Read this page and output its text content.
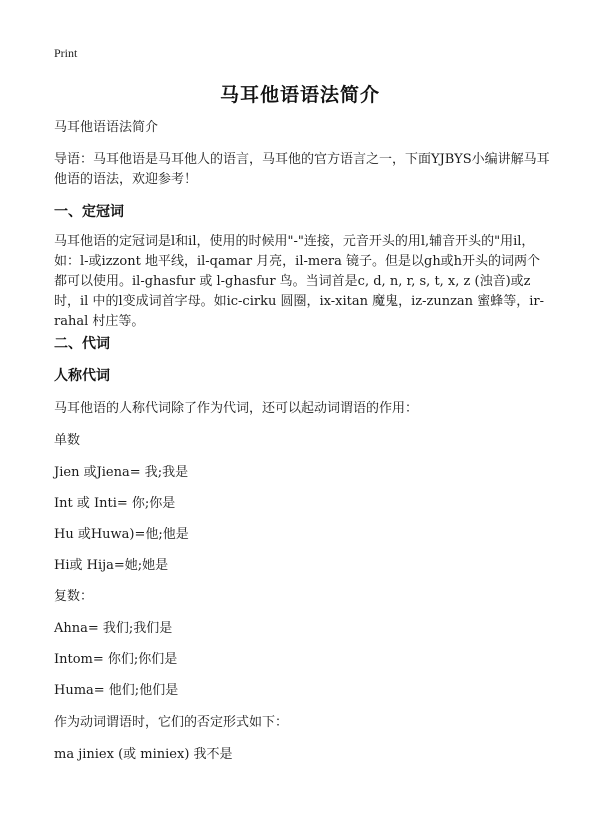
Print
马耳他语语法简介
马耳他语语法简介
导语：马耳他语是马耳他人的语言，马耳他的官方语言之一，下面YJBYS小编讲解马耳他语的语法，欢迎参考！
一、定冠词
马耳他语的定冠词是l和il，使用的时候用"-"连接，元音开头的用l,辅音开头的"用il，如：l-或izzont 地平线，il-qamar 月亮，il-mera 镜子。但是以gh或h开头的词两个都可以使用。il-ghasfur 或 l-ghasfur 鸟。当词首是c, d, n, r, s, t, x, z (浊音)或z时，il 中的l变成词首字母。如ic-cirku 圆圈，ix-xitan 魔鬼，iz-zunzan 蜜蜂等，ir-rahal 村庄等。
二、代词
人称代词
马耳他语的人称代词除了作为代词，还可以起动词谓语的作用：
单数
Jien 或Jiena= 我;我是
Int 或 Inti= 你;你是
Hu 或Huwa)=他;他是
Hi或 Hija=她;她是
复数：
Ahna= 我们;我们是
Intom= 你们;你们是
Huma= 他们;他们是
作为动词谓语时，它们的否定形式如下：
ma jiniex (或 miniex) 我不是
